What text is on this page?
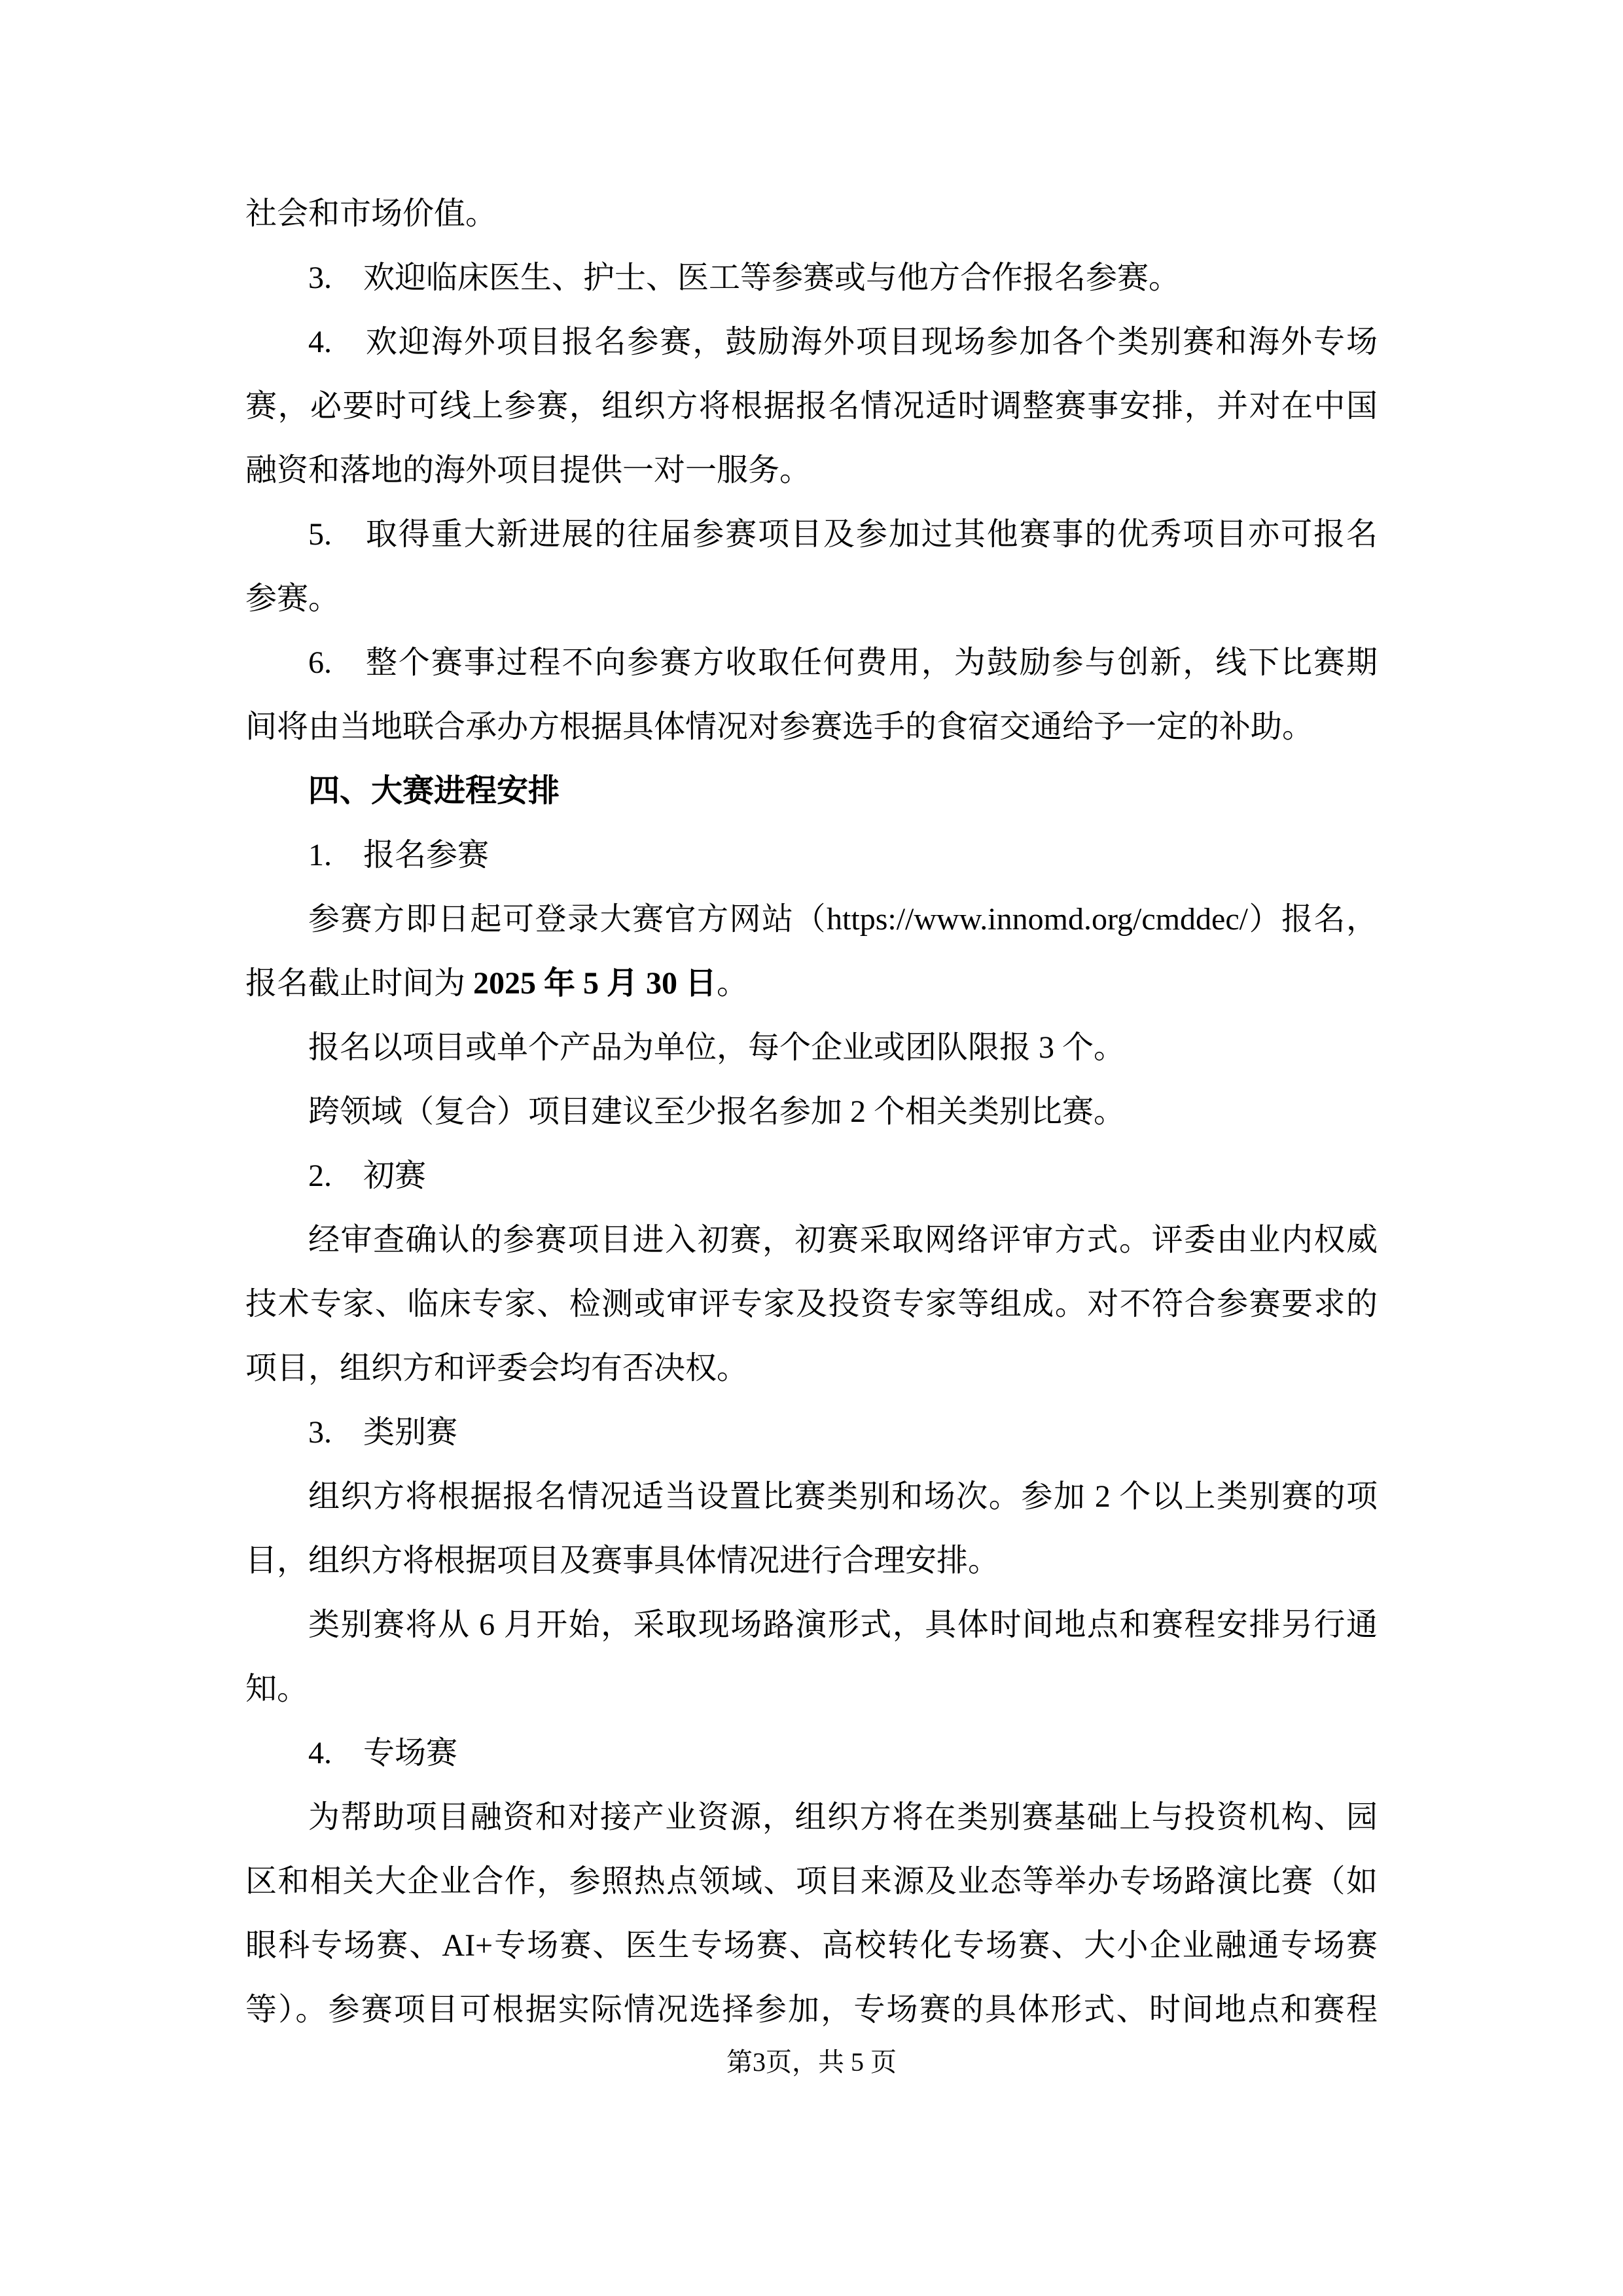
社会和市场价值。
3.　欢迎临床医生、护士、医工等参赛或与他方合作报名参赛。
4.　欢迎海外项目报名参赛，鼓励海外项目现场参加各个类别赛和海外专场
赛，必要时可线上参赛，组织方将根据报名情况适时调整赛事安排，并对在中国
融资和落地的海外项目提供一对一服务。
5.　取得重大新进展的往届参赛项目及参加过其他赛事的优秀项目亦可报名
参赛。
6.　整个赛事过程不向参赛方收取任何费用，为鼓励参与创新，线下比赛期
间将由当地联合承办方根据具体情况对参赛选手的食宿交通给予一定的补助。
四、大赛进程安排
1.　报名参赛
参赛方即日起可登录大赛官方网站（https://www.innomd.org/cmddec/）报名，
报名截止时间为 2025 年 5 月 30 日。
报名以项目或单个产品为单位，每个企业或团队限报 3 个。
跨领域（复合）项目建议至少报名参加 2 个相关类别比赛。
2.　初赛
经审查确认的参赛项目进入初赛，初赛采取网络评审方式。评委由业内权威
技术专家、临床专家、检测或审评专家及投资专家等组成。对不符合参赛要求的
项目，组织方和评委会均有否决权。
3.　类别赛
组织方将根据报名情况适当设置比赛类别和场次。参加 2 个以上类别赛的项
目，组织方将根据项目及赛事具体情况进行合理安排。
类别赛将从 6 月开始，采取现场路演形式，具体时间地点和赛程安排另行通
知。
4.　专场赛
为帮助项目融资和对接产业资源，组织方将在类别赛基础上与投资机构、园
区和相关大企业合作，参照热点领域、项目来源及业态等举办专场路演比赛（如
眼科专场赛、AI+专场赛、医生专场赛、高校转化专场赛、大小企业融通专场赛
等）。参赛项目可根据实际情况选择参加，专场赛的具体形式、时间地点和赛程
第3页，共 5 页
